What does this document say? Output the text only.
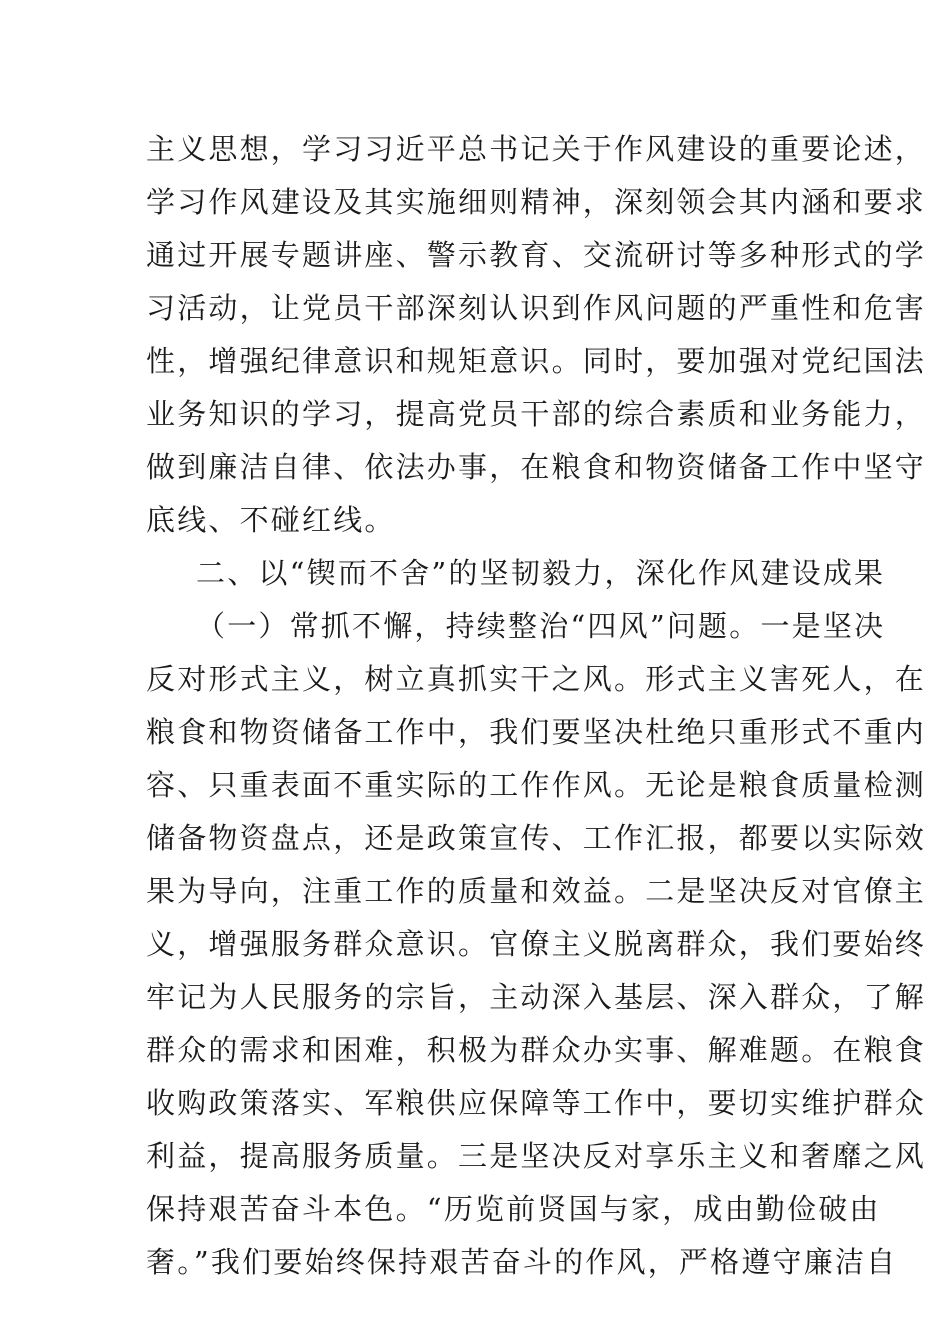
主义思想，学习习近平总书记关于作风建设的重要论述，
学习作风建设及其实施细则精神，深刻领会其内涵和要求
通过开展专题讲座、警示教育、交流研讨等多种形式的学
习活动，让党员干部深刻认识到作风问题的严重性和危害
性，增强纪律意识和规矩意识。同时，要加强对党纪国法
业务知识的学习，提高党员干部的综合素质和业务能力，
做到廉洁自律、依法办事，在粮食和物资储备工作中坚守
底线、不碰红线。
二、以“锲而不舍”的坚韧毅力，深化作风建设成果
（一）常抓不懈，持续整治“四风”问题。一是坚决
反对形式主义，树立真抓实干之风。形式主义害死人，在
粮食和物资储备工作中，我们要坚决杜绝只重形式不重内
容、只重表面不重实际的工作作风。无论是粮食质量检测
储备物资盘点，还是政策宣传、工作汇报，都要以实际效
果为导向，注重工作的质量和效益。二是坚决反对官僚主
义，增强服务群众意识。官僚主义脱离群众，我们要始终
牢记为人民服务的宗旨，主动深入基层、深入群众，了解
群众的需求和困难，积极为群众办实事、解难题。在粮食
收购政策落实、军粮供应保障等工作中，要切实维护群众
利益，提高服务质量。三是坚决反对享乐主义和奢靡之风
保持艰苦奋斗本色。“历览前贤国与家，成由勤俭破由
奢。”我们要始终保持艰苦奋斗的作风，严格遵守廉洁自
